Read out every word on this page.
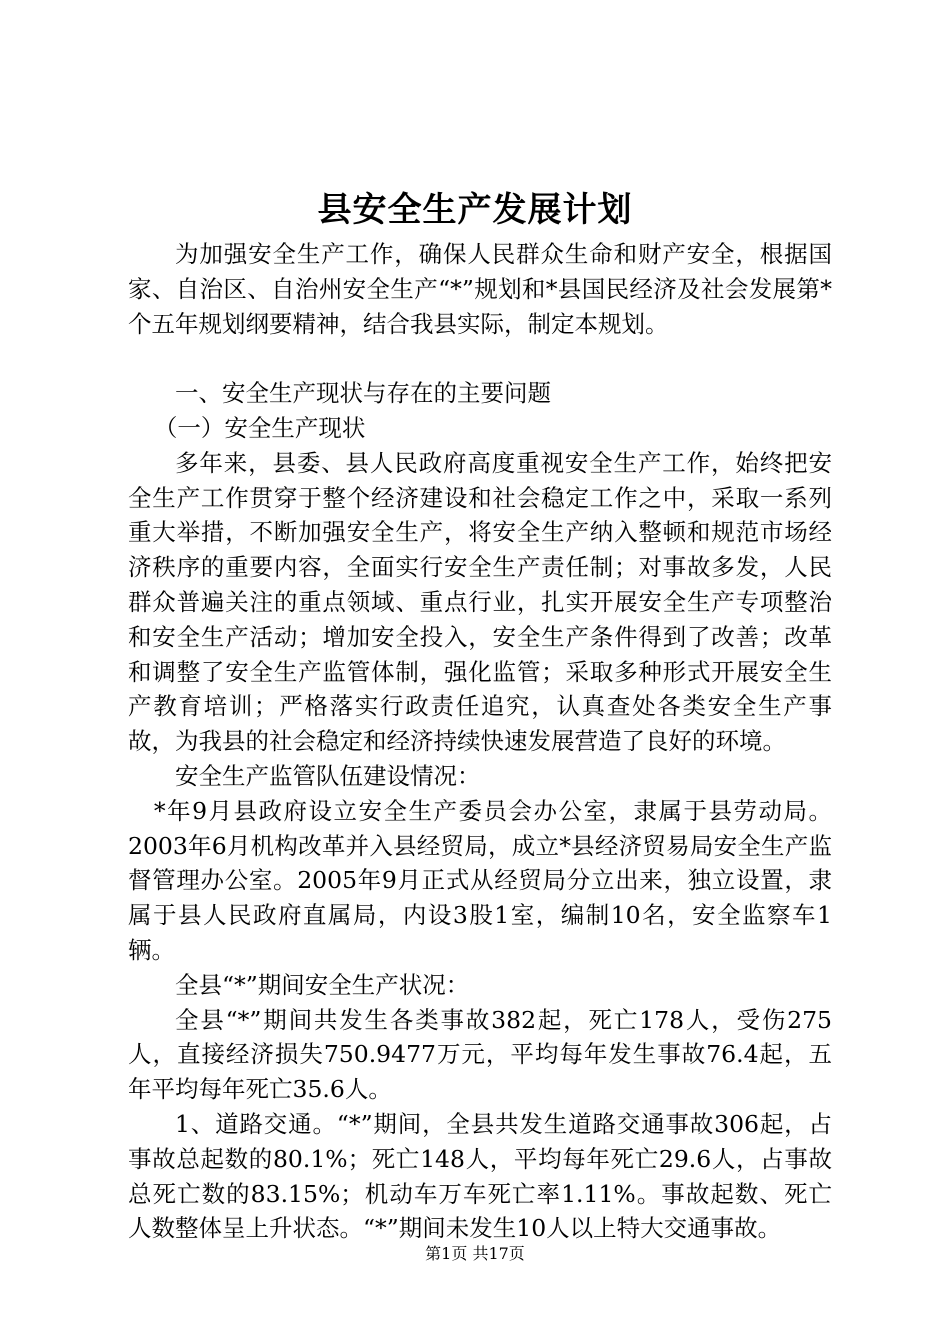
县安全生产发展计划

为加强安全生产工作，确保人民群众生命和财产安全，根据国家、自治区、自治州安全生产“*”规划和*县国民经济及社会发展第*个五年规划纲要精神，结合我县实际，制定本规划。

一、安全生产现状与存在的主要问题

（一）安全生产现状

多年来，县委、县人民政府高度重视安全生产工作，始终把安全生产工作贯穿于整个经济建设和社会稳定工作之中，采取一系列重大举措，不断加强安全生产，将安全生产纳入整顿和规范市场经济秩序的重要内容，全面实行安全生产责任制；对事故多发，人民群众普遍关注的重点领域、重点行业，扎实开展安全生产专项整治和安全生产活动；增加安全投入，安全生产条件得到了改善；改革和调整了安全生产监管体制，强化监管；采取多种形式开展安全生产教育培训；严格落实行政责任追究，认真查处各类安全生产事故，为我县的社会稳定和经济持续快速发展营造了良好的环境。

安全生产监管队伍建设情况：

*年9月县政府设立安全生产委员会办公室，隶属于县劳动局。2003年6月机构改革并入县经贸局，成立*县经济贸易局安全生产监督管理办公室。2005年9月正式从经贸局分立出来，独立设置，隶属于县人民政府直属局，内设3股1室，编制10名，安全监察车1辆。

全县“*”期间安全生产状况：

全县“*”期间共发生各类事故382起，死亡178人，受伤275人，直接经济损失750.9477万元，平均每年发生事故76.4起，五年平均每年死亡35.6人。

1、道路交通。“*”期间，全县共发生道路交通事故306起，占事故总起数的80.1%；死亡148人，平均每年死亡29.6人，占事故总死亡数的83.15%；机动车万车死亡率1.11%。事故起数、死亡人数整体呈上升状态。“*”期间未发生10人以上特大交通事故。

第1页 共17页
